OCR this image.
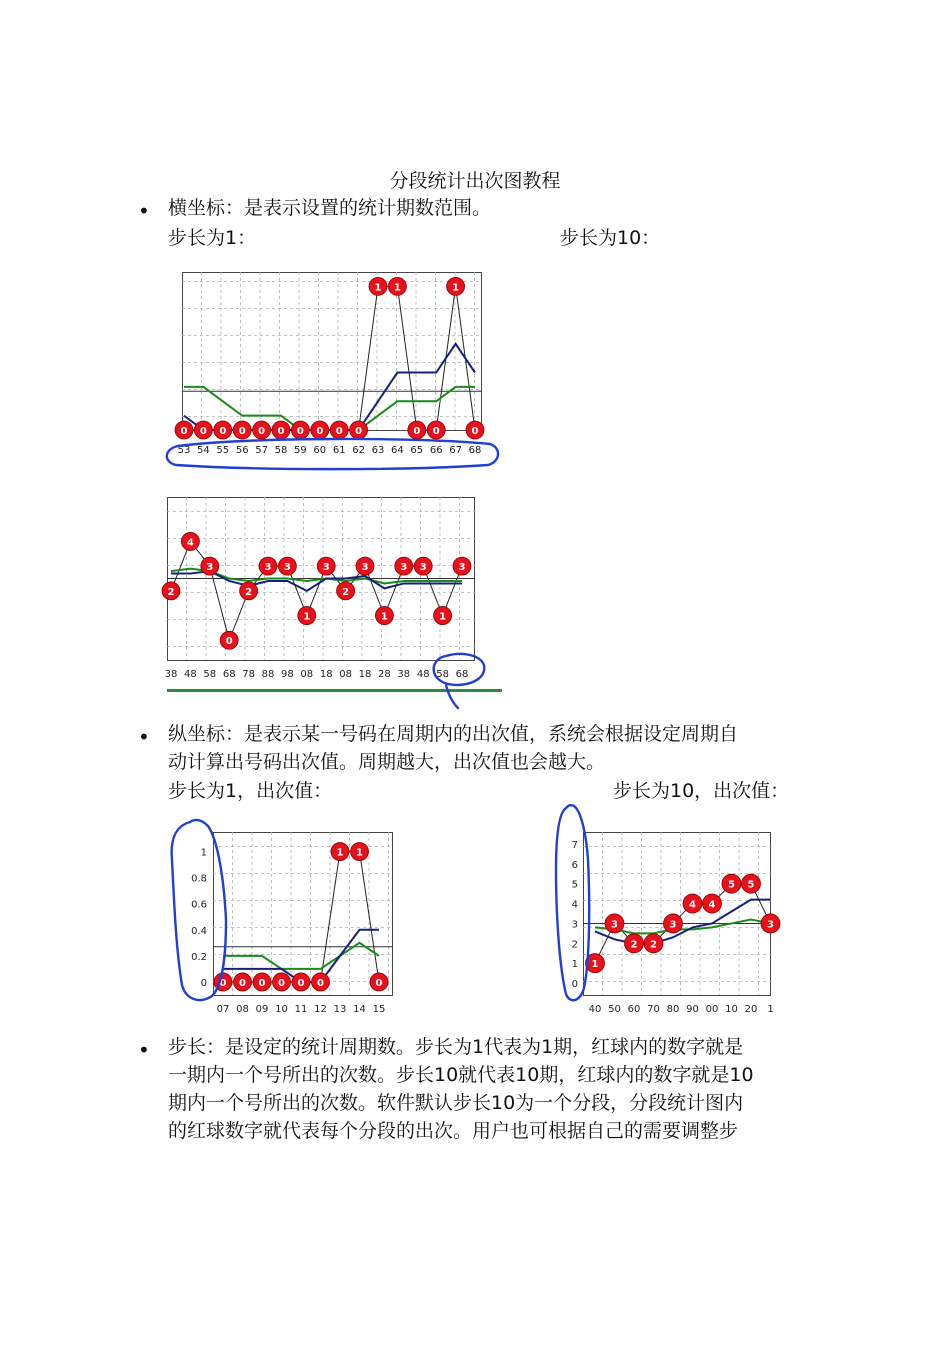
分段统计出次图教程
• 横坐标：是表示设置的统计期数范围。
步长为1：	步长为10：
0 0 0 0 0 0 0 0 0 0
1 1
0 0
1
0
53 54 55 56 57 58 59 60 61 62 63 64 65 66 67 68
2
4
3
0
2
3 3
1
3
2
3
1
3 3
1
3
38 48 58 68 78 88 98 08 18 08 18 28 38 48 58 68
• 纵坐标：是表示某一号码在周期内的出次值，系统会根据设定周期自
动计算出号码出次值。周期越大，出次值也会越大。
步长为1，出次值：	步长为10，出次值：
0
0.2
0.4
0.6
0.8
1
0 0 0 0 0 0
1 1
0
07 08 09 10 11 12 13 14 15
0
1
2
3
4
5
6
7
1
3
2 2
3
4 4
5 5
3
40 50 60 70 80 90 00 10 20 1
• 步长：是设定的统计周期数。步长为1代表为1期，红球内的数字就是
一期内一个号所出的次数。步长10就代表10期，红球内的数字就是10
期内一个号所出的次数。软件默认步长10为一个分段，分段统计图内
的红球数字就代表每个分段的出次。用户也可根据自己的需要调整步
